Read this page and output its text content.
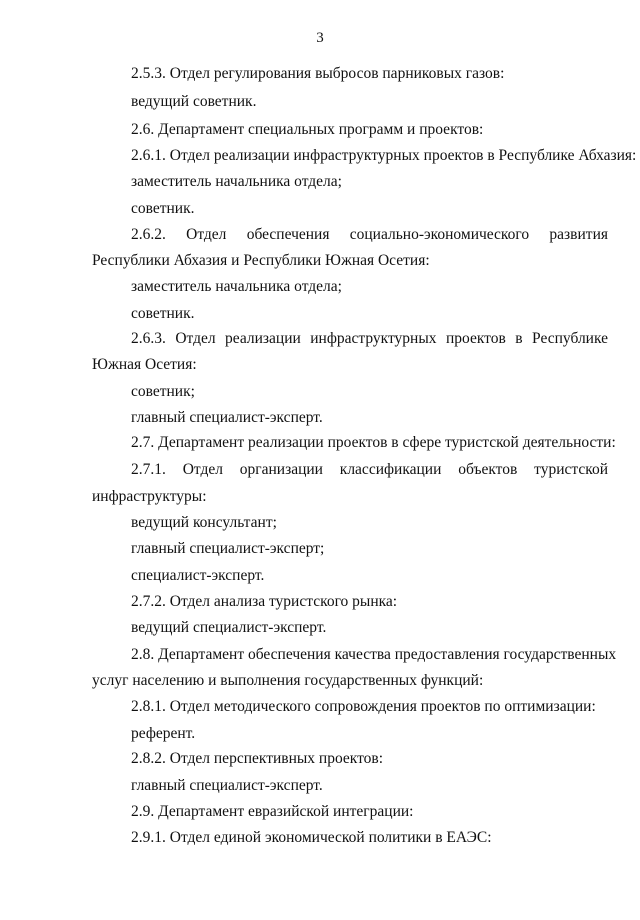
3
2.5.3. Отдел регулирования выбросов парниковых газов:
ведущий советник.
2.6. Департамент специальных программ и проектов:
2.6.1. Отдел реализации инфраструктурных проектов в Республике Абхазия:
заместитель начальника отдела;
советник.
2.6.2. Отдел обеспечения социально-экономического развития
Республики Абхазия и Республики Южная Осетия:
заместитель начальника отдела;
советник.
2.6.3. Отдел реализации инфраструктурных проектов в Республике
Южная Осетия:
советник;
главный специалист-эксперт.
2.7. Департамент реализации проектов в сфере туристской деятельности:
2.7.1. Отдел организации классификации объектов туристской
инфраструктуры:
ведущий консультант;
главный специалист-эксперт;
специалист-эксперт.
2.7.2. Отдел анализа туристского рынка:
ведущий специалист-эксперт.
2.8. Департамент обеспечения качества предоставления государственных
услуг населению и выполнения государственных функций:
2.8.1. Отдел методического сопровождения проектов по оптимизации:
референт.
2.8.2. Отдел перспективных проектов:
главный специалист-эксперт.
2.9. Департамент евразийской интеграции:
2.9.1. Отдел единой экономической политики в ЕАЭС:
